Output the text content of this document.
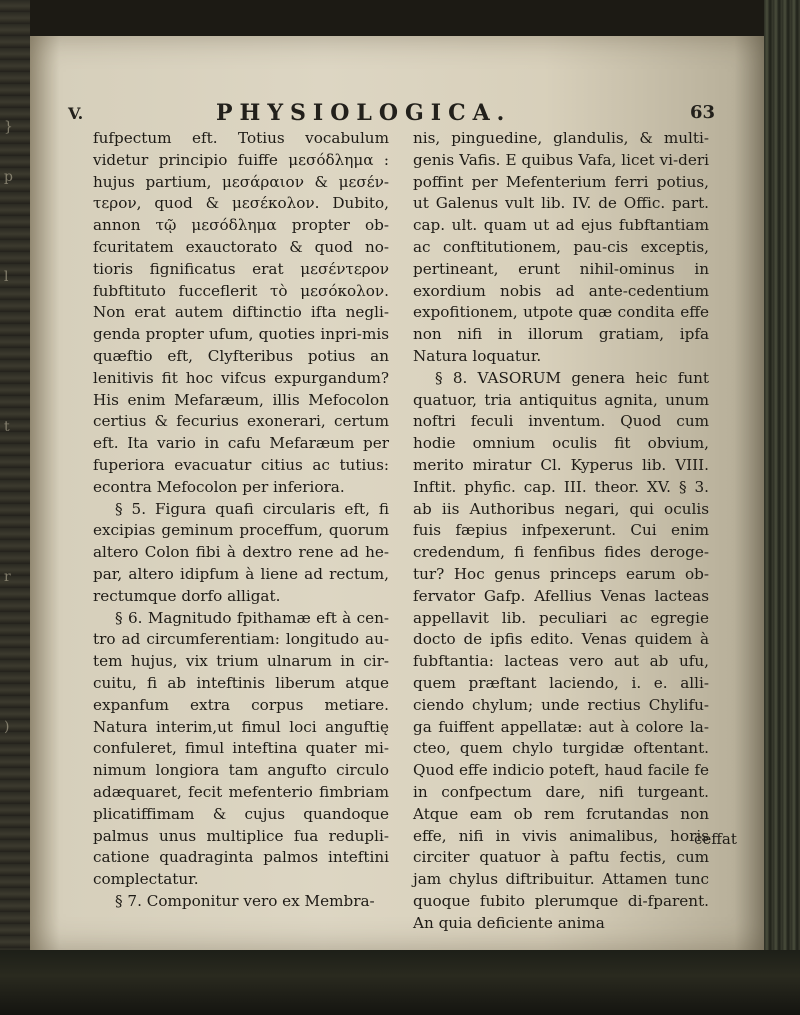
}
p
l
t
r
)
V.	PHYSIOLOGICA.	63

fufpectum eft. Totius vocabulum videtur principio fuiffe μεσόδλημα : hujus partium, μεσάραιον & μεσέν-τερον, quod & μεσέκολον. Dubito, annon τῷ μεσόδλημα propter ob-fcuritatem exauctorato & quod no-tioris fignificatus erat μεσέντερον fubftituto fucceflerit τὸ μεσόκολον. Non erat autem diftinctio ifta negli-genda propter ufum, quoties inpri-mis quæftio eft, Clyfteribus potius an lenitivis fit hoc vifcus expurgandum? His enim Mefaræum, illis Mefocolon certius & fecurius exonerari, certum eft. Ita vario in cafu Mefaræum per fuperiora evacuatur citius ac tutius: econtra Mefocolon per inferiora.

§ 5. Figura quafi circularis eft, fi excipias geminum proceffum, quorum altero Colon fibi à dextro rene ad he-par, altero idipfum à liene ad rectum, rectumque dorfo alligat.

§ 6. Magnitudo fpithamæ eft à cen-tro ad circumferentiam: longitudo au-tem hujus, vix trium ulnarum in cir-cuitu, fi ab inteftinis liberum atque expanfum extra corpus metiare. Natura interim,ut fimul loci anguftię confuleret, fimul inteftina quater mi-nimum longiora tam angufto circulo adæquaret, fecit mefenterio fimbriam plicatiffimam & cujus quandoque palmus unus multiplice fua redupli-catione quadraginta palmos inteftini complectatur.

§ 7. Componitur vero ex Membra-

nis, pinguedine, glandulis, & multi-genis Vafis. E quibus Vafa, licet vi-deri poffint per Mefenterium ferri potius, ut Galenus vult lib. IV. de Offic. part. cap. ult. quam ut ad ejus fubftantiam ac conftitutionem, pau-cis exceptis, pertineant, erunt nihil-ominus in exordium nobis ad ante-cedentium expofitionem, utpote quæ condita effe non nifi in illorum gratiam, ipfa Natura loquatur.

§ 8. VASORUM genera heic funt quatuor, tria antiquitus agnita, unum noftri feculi inventum. Quod cum hodie omnium oculis fit obvium, merito miratur Cl. Kyperus lib. VIII. Inftit. phyfic. cap. III. theor. XV. § 3. ab iis Authoribus negari, qui oculis fuis fæpius infpexerunt. Cui enim credendum, fi fenfibus fides deroge-tur? Hoc genus princeps earum ob-fervator Gafp. Afellius Venas lacteas appellavit lib. peculiari ac egregie docto de ipfis edito. Venas quidem à fubftantia: lacteas vero aut ab ufu, quem præftant laciendo, i. e. alli-ciendo chylum; unde rectius Chylifu-ga fuiffent appellatæ: aut à colore la-cteo, quem chylo turgidæ oftentant. Quod effe indicio poteft, haud facile fe in confpectum dare, nifi turgeant. Atque eam ob rem fcrutandas non effe, nifi in vivis animalibus, horis circiter quatuor à paftu fectis, cum jam chylus diftribuitur. Attamen tunc quoque fubito plerumque di-fparent. An quia deficiente anima

ceffat
